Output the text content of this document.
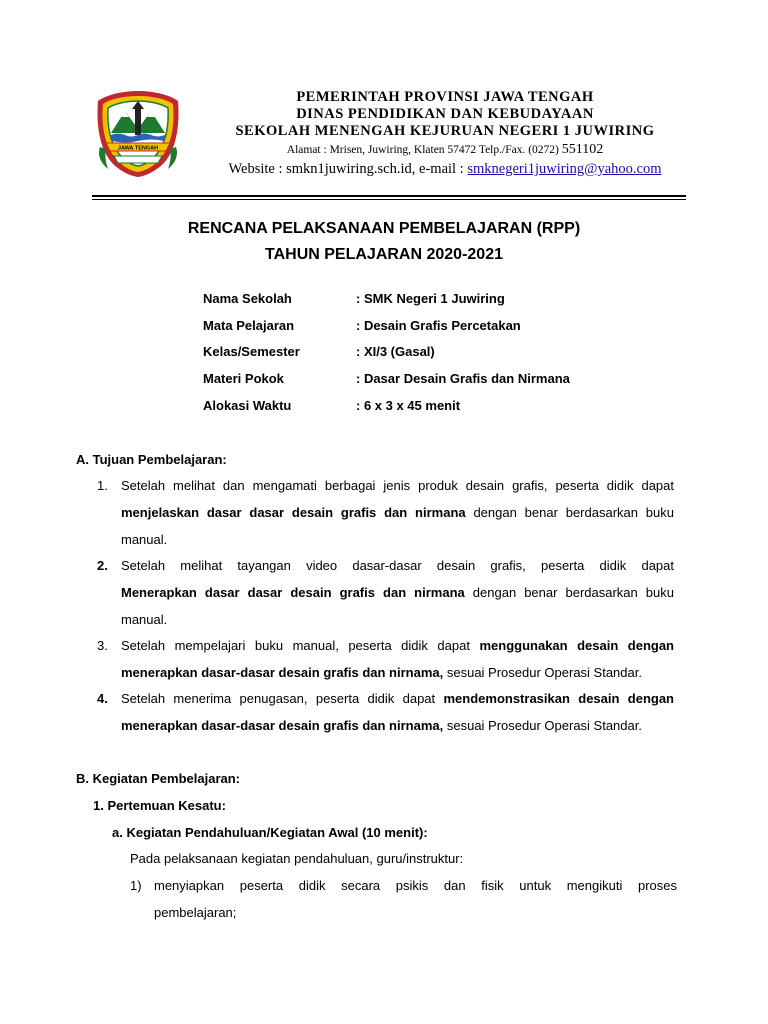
JAWA TENGAH
PEMERINTAH PROVINSI JAWA TENGAH
DINAS PENDIDIKAN DAN KEBUDAYAAN
SEKOLAH MENENGAH KEJURUAN NEGERI 1 JUWIRING
Alamat : Mrisen, Juwiring, Klaten 57472 Telp./Fax. (0272) 551102
Website : smkn1juwiring.sch.id, e-mail : smknegeri1juwiring@yahoo.com
RENCANA PELAKSANAAN PEMBELAJARAN (RPP)
TAHUN PELAJARAN 2020-2021
Nama Sekolah	: SMK Negeri 1 Juwiring
Mata Pelajaran	: Desain Grafis Percetakan
Kelas/Semester	: XI/3 (Gasal)
Materi Pokok	: Dasar Desain Grafis dan Nirmana
Alokasi Waktu	: 6 x 3 x 45 menit
A. Tujuan Pembelajaran:
1. Setelah melihat dan mengamati berbagai jenis produk desain grafis, peserta didik dapat
menjelaskan dasar dasar desain grafis dan nirmana dengan benar berdasarkan buku
manual.
2. Setelah melihat tayangan video dasar-dasar desain grafis, peserta didik dapat
Menerapkan dasar dasar desain grafis dan nirmana dengan benar berdasarkan buku
manual.
3. Setelah mempelajari buku manual, peserta didik dapat menggunakan desain dengan
menerapkan dasar-dasar desain grafis dan nirnama, sesuai Prosedur Operasi Standar.
4. Setelah menerima penugasan, peserta didik dapat mendemonstrasikan desain dengan
menerapkan dasar-dasar desain grafis dan nirnama, sesuai Prosedur Operasi Standar.
B. Kegiatan Pembelajaran:
1. Pertemuan Kesatu:
a. Kegiatan Pendahuluan/Kegiatan Awal (10 menit):
Pada pelaksanaan kegiatan pendahuluan, guru/instruktur:
1) menyiapkan peserta didik secara psikis dan fisik untuk mengikuti proses
pembelajaran;
